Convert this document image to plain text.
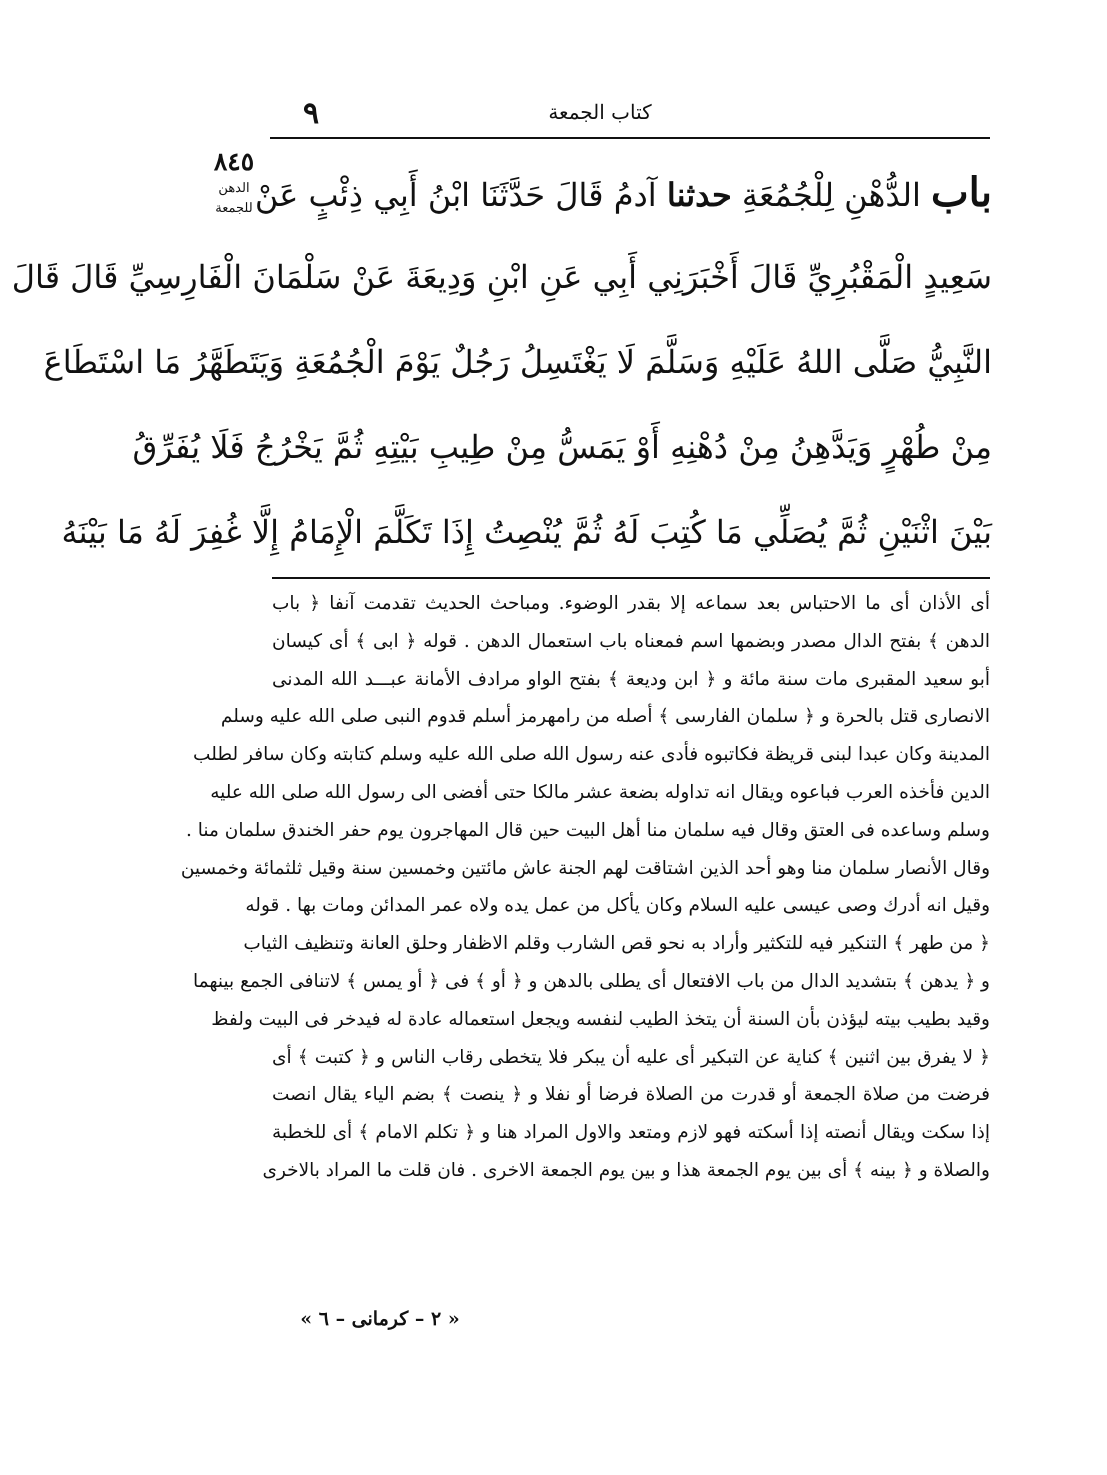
كتاب الجمعة
٩
٨٤٥
الدهن
للجمعة	باب الدُّهْنِ لِلْجُمُعَةِ حدثنا آدمُ قَالَ حَدَّثَنَا ابْنُ أَبِي ذِئْبٍ عَنْ
سَعِيدٍ الْمَقْبُرِيِّ قَالَ أَخْبَرَنِي أَبِي عَنِ ابْنِ وَدِيعَةَ عَنْ سَلْمَانَ الْفَارِسِيِّ قَالَ قَالَ
النَّبِيُّ صَلَّى اللهُ عَلَيْهِ وَسَلَّمَ لَا يَغْتَسِلُ رَجُلٌ يَوْمَ الْجُمُعَةِ وَيَتَطَهَّرُ مَا اسْتَطَاعَ
مِنْ طُهْرٍ وَيَدَّهِنُ مِنْ دُهْنِهِ أَوْ يَمَسُّ مِنْ طِيبِ بَيْتِهِ ثُمَّ يَخْرُجُ فَلَا يُفَرِّقُ
بَيْنَ اثْنَيْنِ ثُمَّ يُصَلِّي مَا كُتِبَ لَهُ ثُمَّ يُنْصِتُ إِذَا تَكَلَّمَ الْإِمَامُ إِلَّا غُفِرَ لَهُ مَا بَيْنَهُ
أى الأذان أى ما الاحتباس بعد سماعه إلا بقدر الوضوء. ومباحث الحديث تقدمت آنفا ﴿ باب
الدهن ﴾ بفتح الدال مصدر وبضمها اسم فمعناه باب استعمال الدهن . قوله ﴿ ابى ﴾ أى كيسان
أبو سعيد المقبرى مات سنة مائة و ﴿ ابن وديعة ﴾ بفتح الواو مرادف الأمانة عبـــد الله المدنى
الانصارى قتل بالحرة و ﴿ سلمان الفارسى ﴾ أصله من رامهرمز أسلم قدوم النبى صلى الله عليه وسلم
المدينة وكان عبدا لبنى قريظة فكاتبوه فأدى عنه رسول الله صلى الله عليه وسلم كتابته وكان سافر لطلب
الدين فأخذه العرب فباعوه ويقال انه تداوله بضعة عشر مالكا حتى أفضى الى رسول الله صلى الله عليه
وسلم وساعده فى العتق وقال فيه سلمان منا أهل البيت حين قال المهاجرون يوم حفر الخندق سلمان منا .
وقال الأنصار سلمان منا وهو أحد الذين اشتاقت لهم الجنة عاش مائتين وخمسين سنة وقيل ثلثمائة وخمسين
وقيل انه أدرك وصى عيسى عليه السلام وكان يأكل من عمل يده ولاه عمر المدائن ومات بها . قوله
﴿ من طهر ﴾ التنكير فيه للتكثير وأراد به نحو قص الشارب وقلم الاظفار وحلق العانة وتنظيف الثياب
و ﴿ يدهن ﴾ بتشديد الدال من باب الافتعال أى يطلى بالدهن و ﴿ أو ﴾ فى ﴿ أو يمس ﴾ لاتنافى الجمع بينهما
وقيد بطيب بيته ليؤذن بأن السنة أن يتخذ الطيب لنفسه ويجعل استعماله عادة له فيدخر فى البيت ولفظ
﴿ لا يفرق بين اثنين ﴾ كناية عن التبكير أى عليه أن يبكر فلا يتخطى رقاب الناس و ﴿ كتبت ﴾ أى
فرضت من صلاة الجمعة أو قدرت من الصلاة فرضا أو نفلا و ﴿ ينصت ﴾ بضم الياء يقال انصت
إذا سكت ويقال أنصته إذا أسكته فهو لازم ومتعد والاول المراد هنا و ﴿ تكلم الامام ﴾ أى للخطبة
والصلاة و ﴿ بينه ﴾ أى بين يوم الجمعة هذا و بين يوم الجمعة الاخرى . فان قلت ما المراد بالاخرى
« ٢ – كرمانى – ٦ »
